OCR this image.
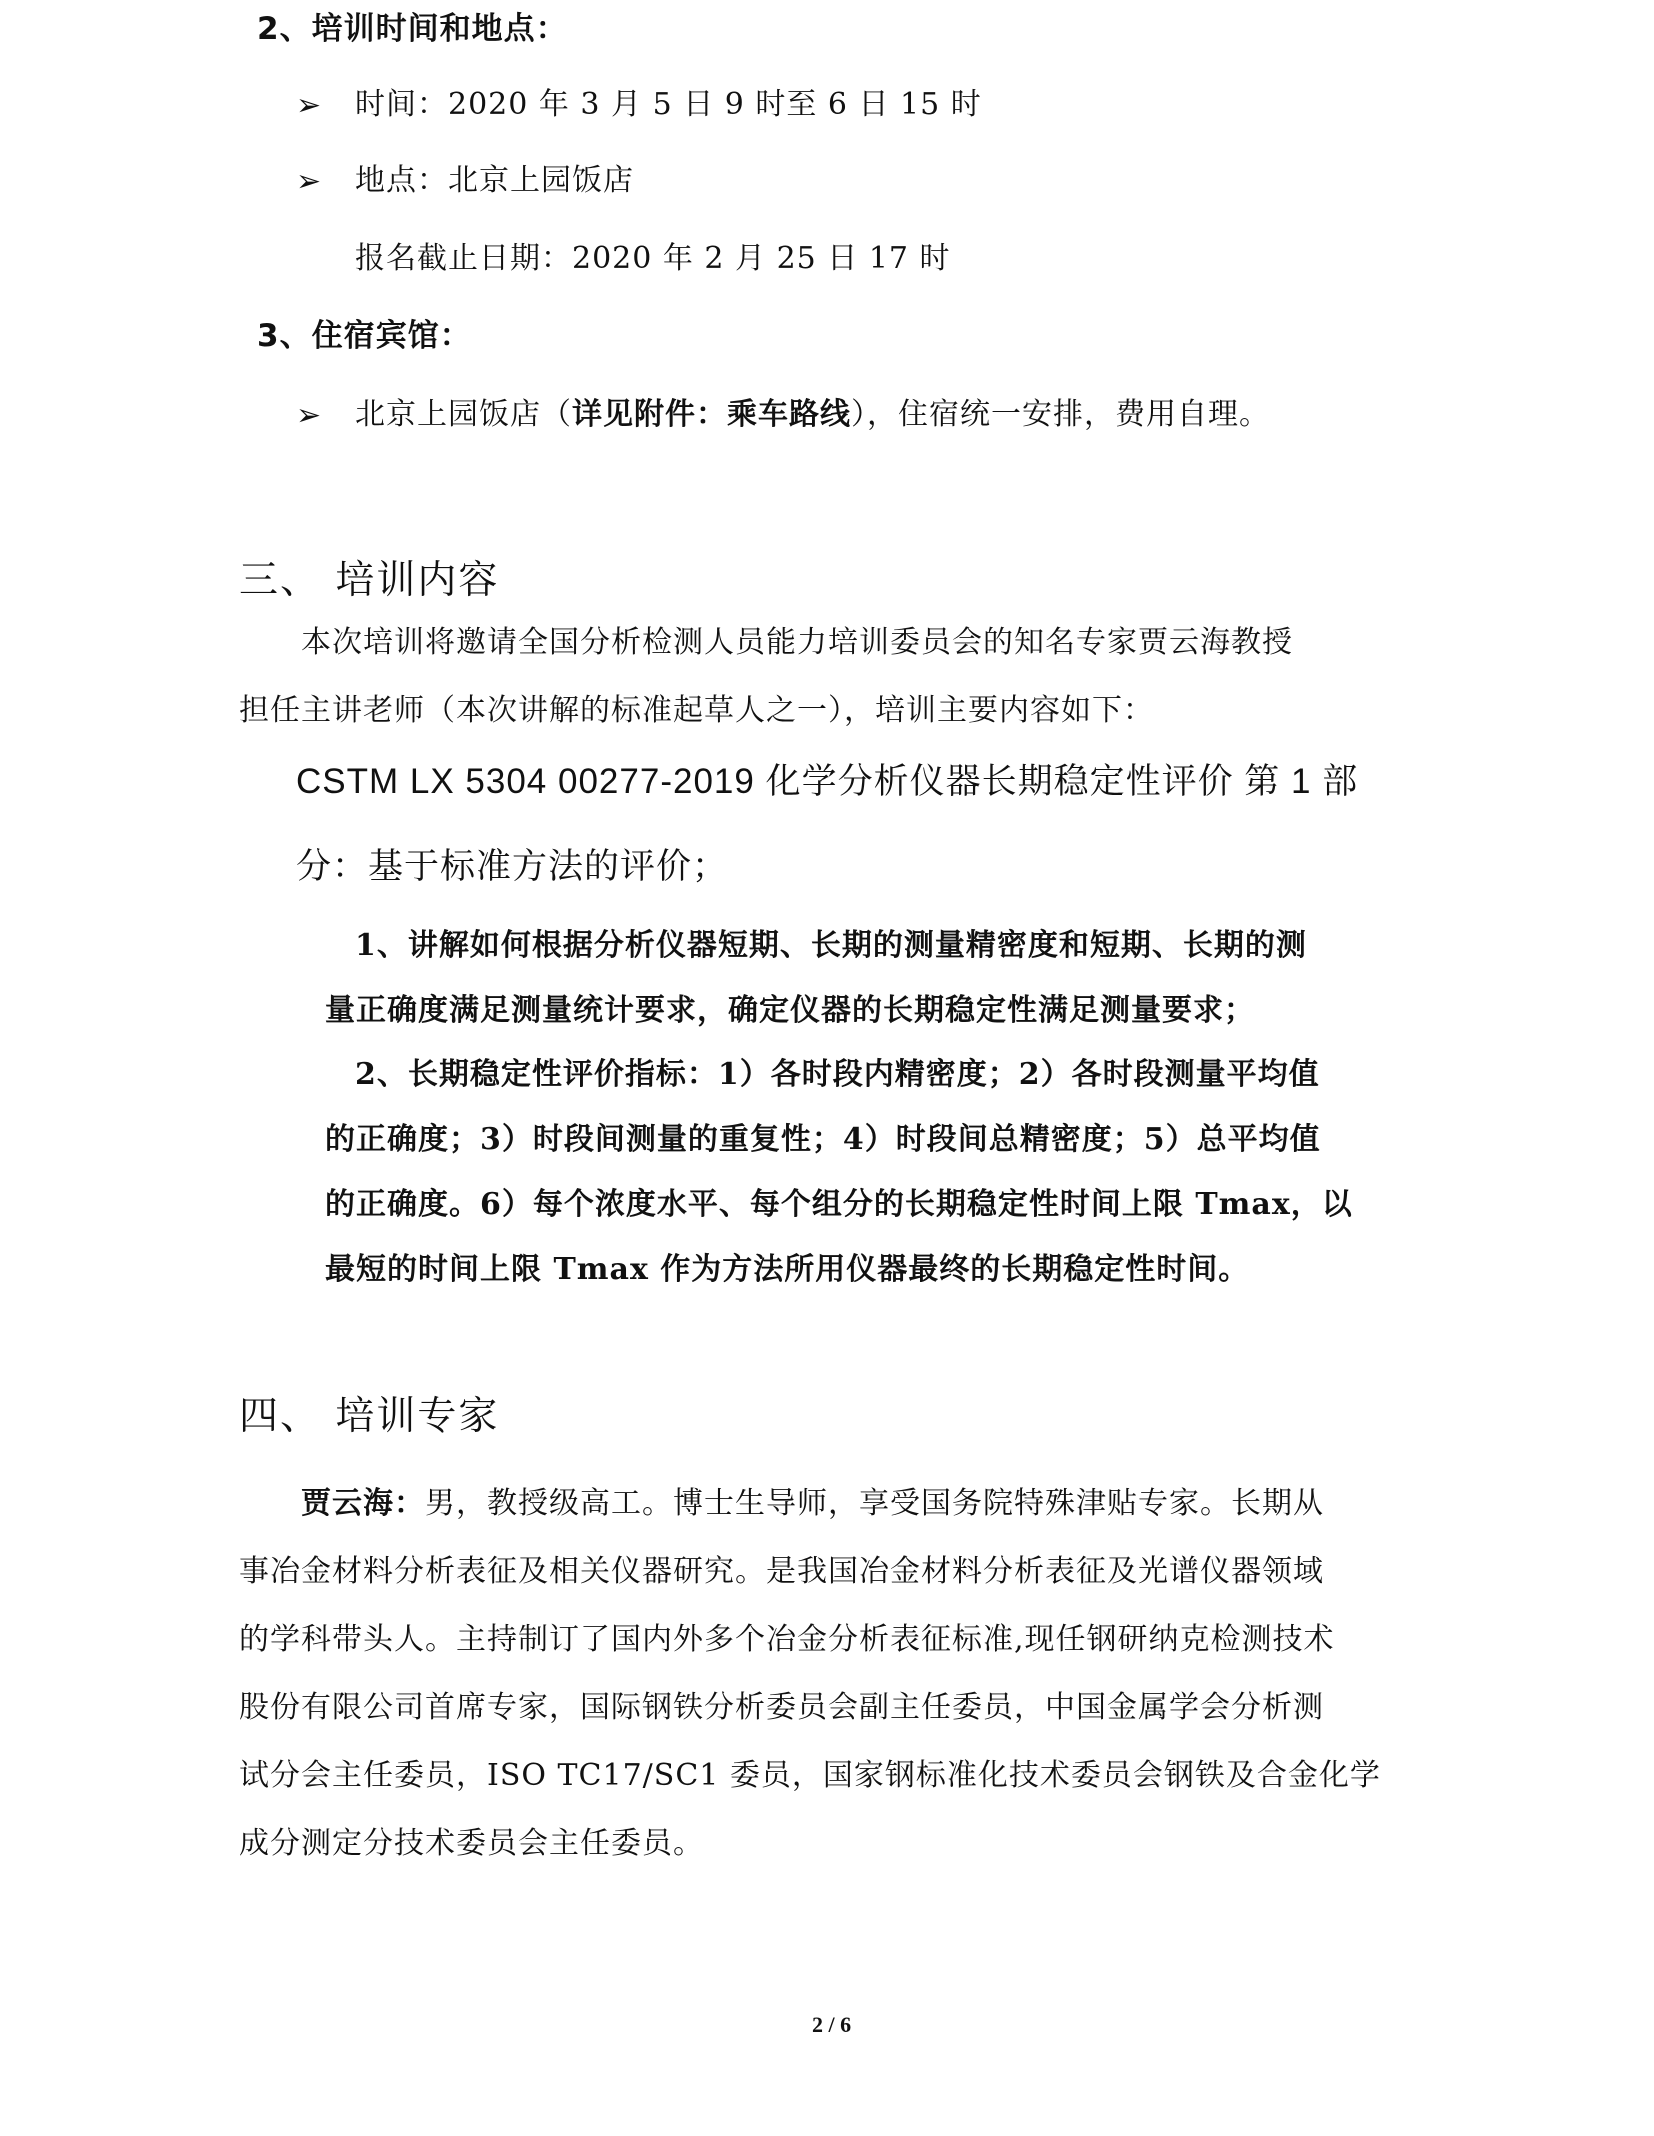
2、培训时间和地点：
➢ 时间：2020 年 3 月 5 日 9 时至 6 日 15 时
➢ 地点：北京上园饭店
报名截止日期：2020 年 2 月 25 日 17 时
3、住宿宾馆：
➢ 北京上园饭店（详见附件：乘车路线），住宿统一安排，费用自理。
三、 培训内容
本次培训将邀请全国分析检测人员能力培训委员会的知名专家贾云海教授
担任主讲老师（本次讲解的标准起草人之一），培训主要内容如下：
CSTM LX 5304 00277-2019 化学分析仪器长期稳定性评价 第 1 部
分：基于标准方法的评价；
1、讲解如何根据分析仪器短期、长期的测量精密度和短期、长期的测
量正确度满足测量统计要求，确定仪器的长期稳定性满足测量要求；
2、长期稳定性评价指标：1）各时段内精密度；2）各时段测量平均值
的正确度；3）时段间测量的重复性；4）时段间总精密度；5）总平均值
的正确度。6）每个浓度水平、每个组分的长期稳定性时间上限 Tmax，以
最短的时间上限 Tmax 作为方法所用仪器最终的长期稳定性时间。
四、 培训专家
贾云海：男，教授级高工。博士生导师，享受国务院特殊津贴专家。长期从
事冶金材料分析表征及相关仪器研究。是我国冶金材料分析表征及光谱仪器领域
的学科带头人。主持制订了国内外多个冶金分析表征标准,现任钢研纳克检测技术
股份有限公司首席专家，国际钢铁分析委员会副主任委员，中国金属学会分析测
试分会主任委员，ISO TC17/SC1 委员，国家钢标准化技术委员会钢铁及合金化学
成分测定分技术委员会主任委员。
2 / 6
